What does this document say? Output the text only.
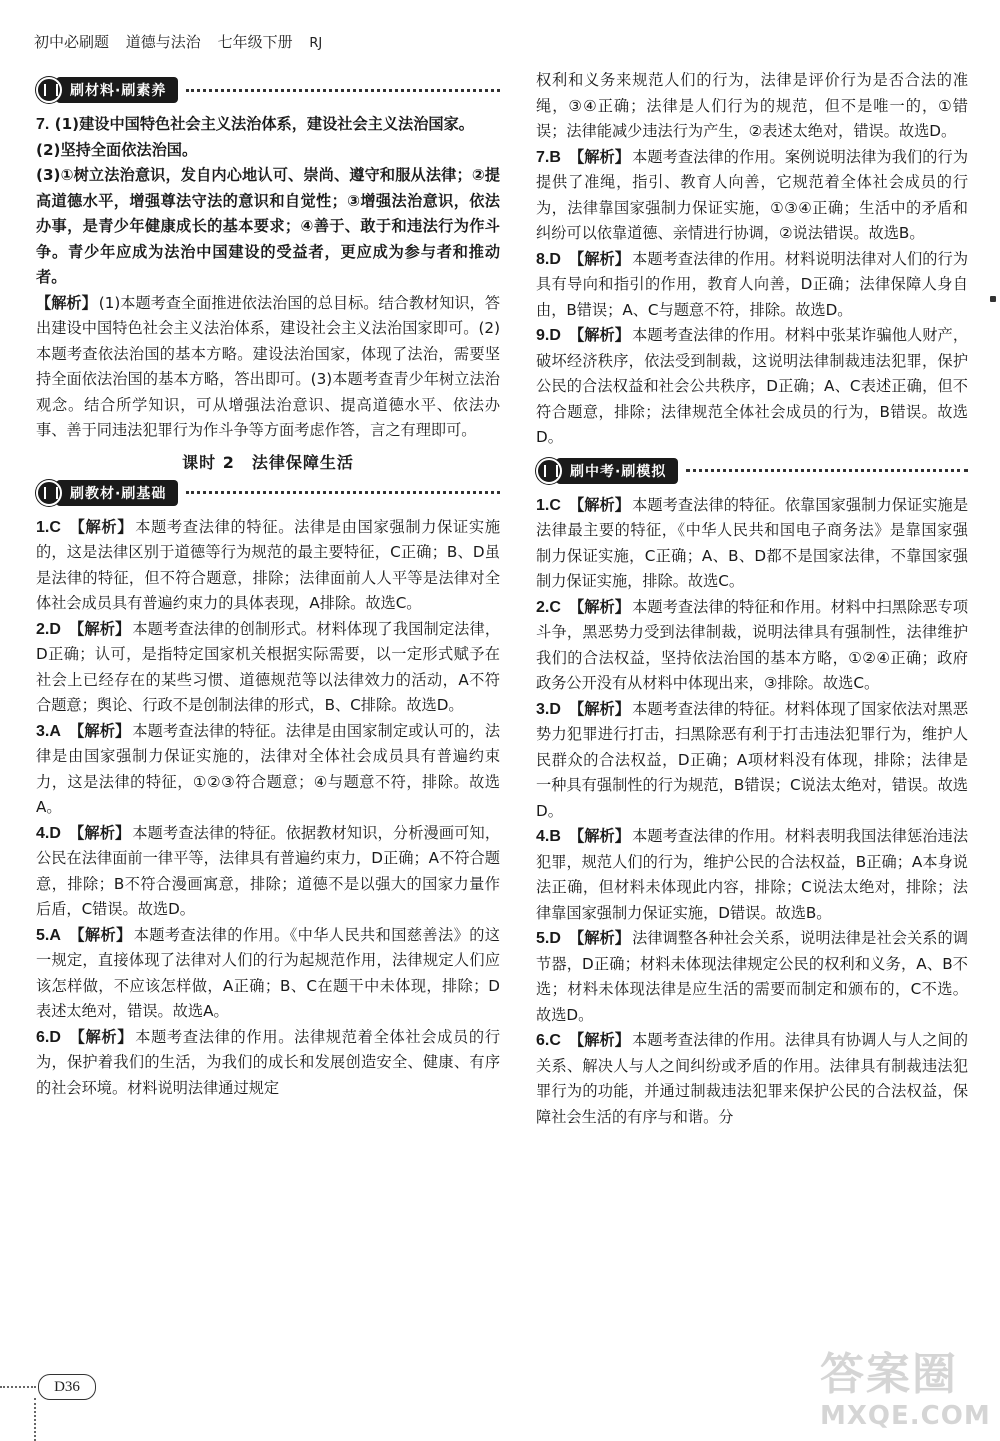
初中必刷题 道德与法治 七年级下册 RJ
刷材料·刷素养

7. (1)建设中国特色社会主义法治体系，建设社会主义法治国家。

(2)坚持全面依法治国。

(3)①树立法治意识，发自内心地认可、崇尚、遵守和服从法律；②提高道德水平，增强尊法守法的意识和自觉性；③增强法治意识，依法办事，是青少年健康成长的基本要求；④善于、敢于和违法行为作斗争。青少年应成为法治中国建设的受益者，更应成为参与者和推动者。

【解析】 (1)本题考查全面推进依法治国的总目标。结合教材知识，答出建设中国特色社会主义法治体系，建设社会主义法治国家即可。(2)本题考查依法治国的基本方略。建设法治国家，体现了法治，需要坚持全面依法治国的基本方略，答出即可。(3)本题考查青少年树立法治观念。结合所学知识，可从增强法治意识、提高道德水平、依法办事、善于同违法犯罪行为作斗争等方面考虑作答，言之有理即可。

课时 2　法律保障生活
刷教材·刷基础

1.C 【解析】 本题考查法律的特征。法律是由国家强制力保证实施的，这是法律区别于道德等行为规范的最主要特征，C正确；B、D虽是法律的特征，但不符合题意，排除；法律面前人人平等是法律对全体社会成员具有普遍约束力的具体表现，A排除。故选C。

2.D 【解析】 本题考查法律的创制形式。材料体现了我国制定法律，D正确；认可，是指特定国家机关根据实际需要，以一定形式赋予在社会上已经存在的某些习惯、道德规范等以法律效力的活动，A不符合题意；舆论、行政不是创制法律的形式，B、C排除。故选D。

3.A 【解析】 本题考查法律的特征。法律是由国家制定或认可的，法律是由国家强制力保证实施的，法律对全体社会成员具有普遍约束力，这是法律的特征，①②③符合题意；④与题意不符，排除。故选A。

4.D 【解析】 本题考查法律的特征。依据教材知识，分析漫画可知，公民在法律面前一律平等，法律具有普遍约束力，D正确；A不符合题意，排除；B不符合漫画寓意，排除；道德不是以强大的国家力量作后盾，C错误。故选D。

5.A 【解析】 本题考查法律的作用。《中华人民共和国慈善法》的这一规定，直接体现了法律对人们的行为起规范作用，法律规定人们应该怎样做，不应该怎样做，A正确；B、C在题干中未体现，排除；D表述太绝对，错误。故选A。

6.D 【解析】 本题考查法律的作用。法律规范着全体社会成员的行为，保护着我们的生活，为我们的成长和发展创造安全、健康、有序的社会环境。材料说明法律通过规定

权利和义务来规范人们的行为，法律是评价行为是否合法的准绳，③④正确；法律是人们行为的规范，但不是唯一的，①错误；法律能减少违法行为产生，②表述太绝对，错误。故选D。

7.B 【解析】 本题考查法律的作用。案例说明法律为我们的行为提供了准绳，指引、教育人向善，它规范着全体社会成员的行为，法律靠国家强制力保证实施，①③④正确；生活中的矛盾和纠纷可以依靠道德、亲情进行协调，②说法错误。故选B。

8.D 【解析】 本题考查法律的作用。材料说明法律对人们的行为具有导向和指引的作用，教育人向善，D正确；法律保障人身自由，B错误；A、C与题意不符，排除。故选D。

9.D 【解析】 本题考查法律的作用。材料中张某诈骗他人财产，破坏经济秩序，依法受到制裁，这说明法律制裁违法犯罪，保护公民的合法权益和社会公共秩序，D正确；A、C表述正确，但不符合题意，排除；法律规范全体社会成员的行为，B错误。故选D。

刷中考·刷模拟

1.C 【解析】 本题考查法律的特征。依靠国家强制力保证实施是法律最主要的特征，《中华人民共和国电子商务法》是靠国家强制力保证实施，C正确；A、B、D都不是国家法律，不靠国家强制力保证实施，排除。故选C。

2.C 【解析】 本题考查法律的特征和作用。材料中扫黑除恶专项斗争，黑恶势力受到法律制裁，说明法律具有强制性，法律维护我们的合法权益，坚持依法治国的基本方略，①②④正确；政府政务公开没有从材料中体现出来，③排除。故选C。

3.D 【解析】 本题考查法律的特征。材料体现了国家依法对黑恶势力犯罪进行打击，扫黑除恶有利于打击违法犯罪行为，维护人民群众的合法权益，D正确；A项材料没有体现，排除；法律是一种具有强制性的行为规范，B错误；C说法太绝对，错误。故选D。

4.B 【解析】 本题考查法律的作用。材料表明我国法律惩治违法犯罪，规范人们的行为，维护公民的合法权益，B正确；A本身说法正确，但材料未体现此内容，排除；C说法太绝对，排除；法律靠国家强制力保证实施，D错误。故选B。

5.D 【解析】 法律调整各种社会关系，说明法律是社会关系的调节器，D正确；材料未体现法律规定公民的权利和义务，A、B不选；材料未体现法律是应生活的需要而制定和颁布的，C不选。故选D。

6.C 【解析】 本题考查法律的作用。法律具有协调人与人之间的关系、解决人与人之间纠纷或矛盾的作用。法律具有制裁违法犯罪行为的功能，并通过制裁违法犯罪来保护公民的合法权益，保障社会生活的有序与和谐。分

D36	答案圈
MXQE.COM
